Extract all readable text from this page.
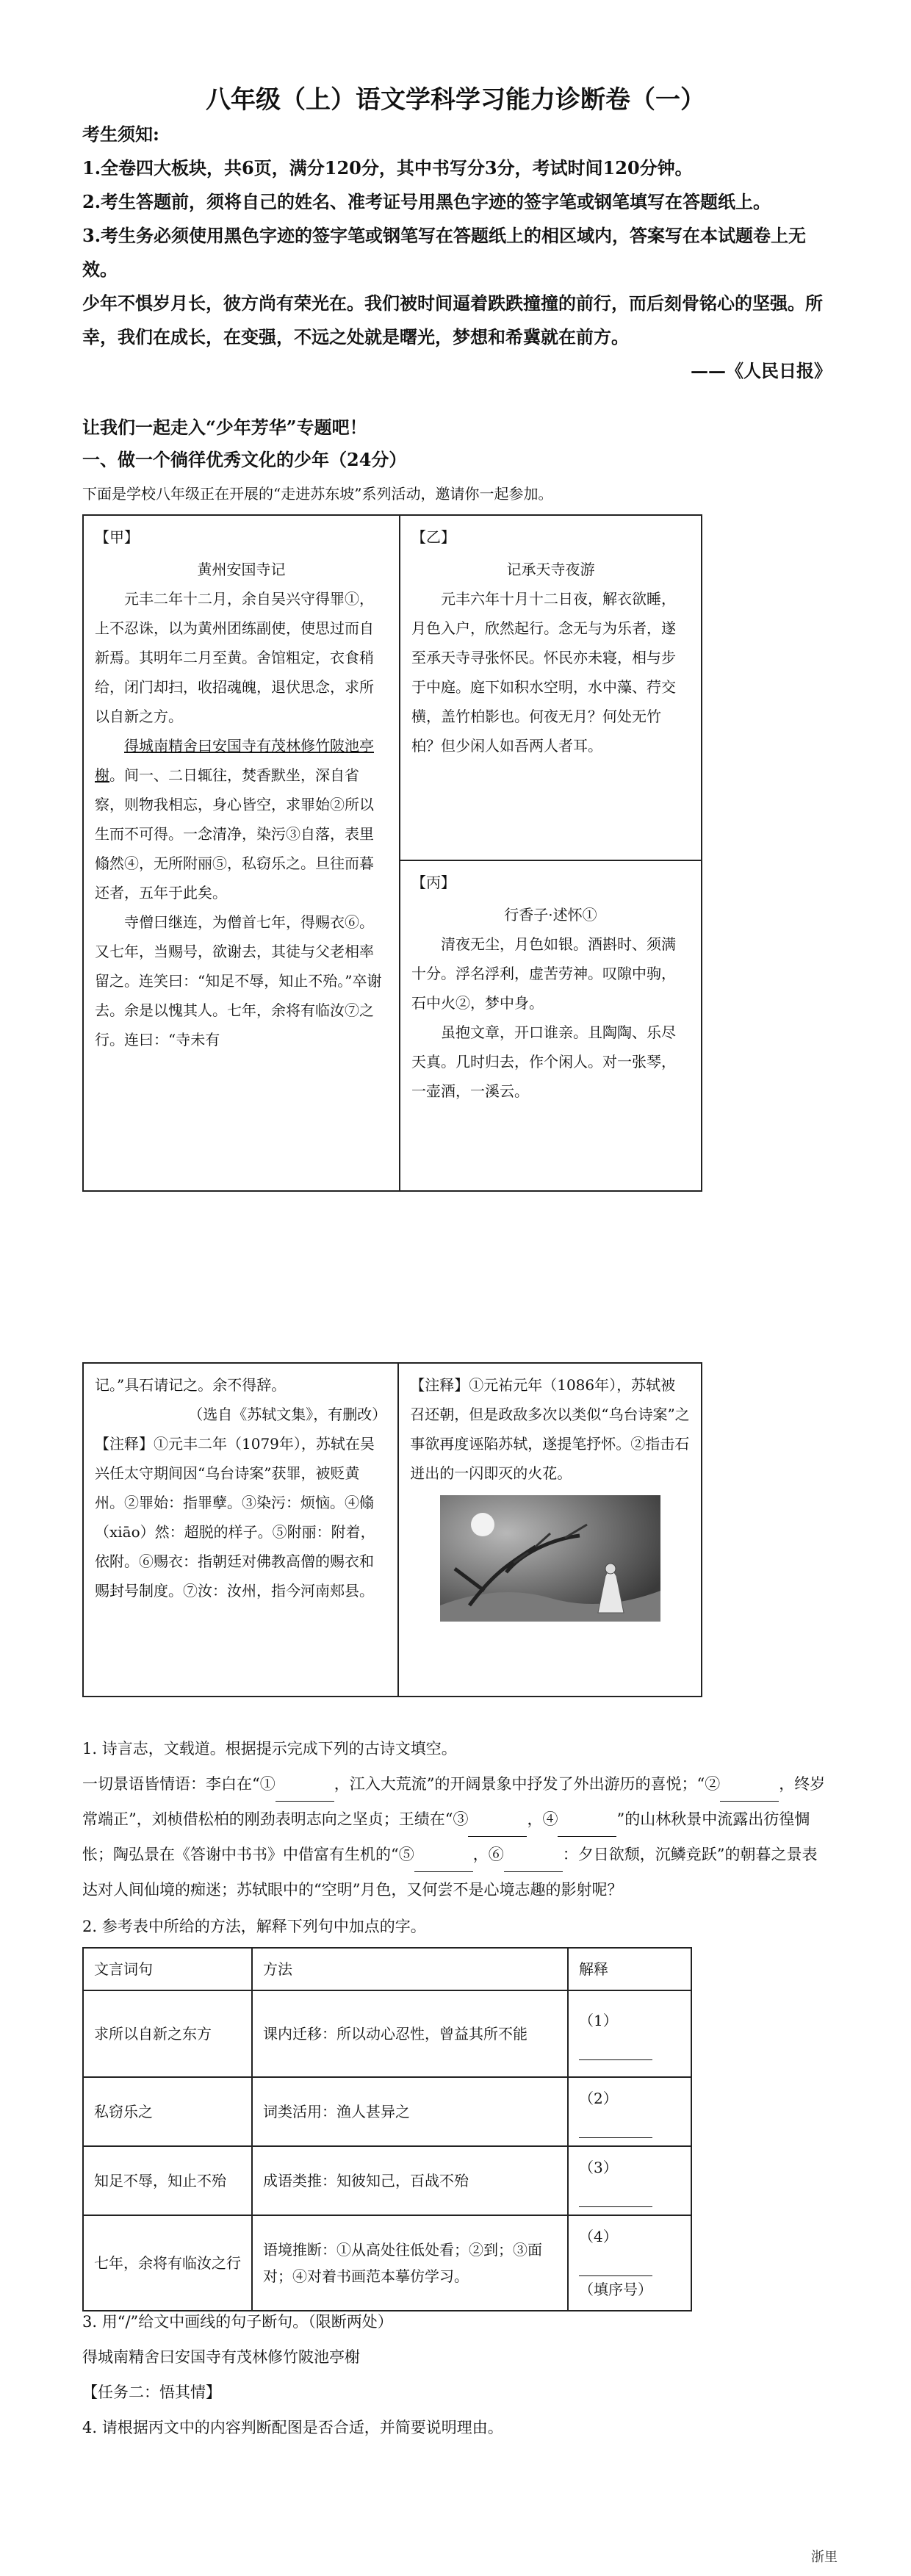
八年级（上）语文学科学习能力诊断卷（一）
考生须知:
1.全卷四大板块，共6页，满分120分，其中书写分3分，考试时间120分钟。
2.考生答题前，须将自己的姓名、准考证号用黑色字迹的签字笔或钢笔填写在答题纸上。
3.考生务必须使用黑色字迹的签字笔或钢笔写在答题纸上的相区域内，答案写在本试题卷上无效。
少年不惧岁月长，彼方尚有荣光在。我们被时间逼着跌跌撞撞的前行，而后刻骨铭心的坚强。所幸，我们在成长，在变强，不远之处就是曙光，梦想和希冀就在前方。
——《人民日报》
让我们一起走入“少年芳华”专题吧！
一、做一个徜徉优秀文化的少年（24分）
下面是学校八年级正在开展的“走进苏东坡”系列活动，邀请你一起参加。
【甲】
黄州安国寺记

元丰二年十二月，余自吴兴守得罪①，上不忍诛，以为黄州团练副使，使思过而自新焉。其明年二月至黄。舍馆粗定，衣食稍给，闭门却扫，收招魂魄，退伏思念，求所以自新之方。

得城南精舍曰安国寺有茂林修竹陂池亭榭。间一、二日辄往，焚香默坐，深自省察，则物我相忘，身心皆空，求罪始②所以生而不可得。一念清净，染污③自落，表里翛然④，无所附丽⑤，私窃乐之。旦往而暮还者，五年于此矣。

寺僧曰继连，为僧首七年，得赐衣⑥。又七年，当赐号，欲谢去，其徒与父老相率留之。连笑曰：“知足不辱，知止不殆。”卒谢去。余是以愧其人。七年，余将有临汝⑦之行。连曰：“寺未有

【乙】
记承天寺夜游

元丰六年十月十二日夜，解衣欲睡，月色入户，欣然起行。念无与为乐者，遂至承天寺寻张怀民。怀民亦未寝，相与步于中庭。庭下如积水空明，水中藻、荇交横，盖竹柏影也。何夜无月？何处无竹柏？但少闲人如吾两人者耳。

【丙】
行香子·述怀①

清夜无尘，月色如银。酒斟时、须满十分。浮名浮利，虚苦劳神。叹隙中驹，石中火②，梦中身。

虽抱文章，开口谁亲。且陶陶、乐尽天真。几时归去，作个闲人。对一张琴，一壶酒，一溪云。

记。”具石请记之。余不得辞。
（选自《苏轼文集》，有删改）
【注释】①元丰二年（1079年），苏轼在吴兴任太守期间因“乌台诗案”获罪，被贬黄州。②罪始：指罪孽。③染污：烦恼。④翛（xiāo）然：超脱的样子。⑤附丽：附着，依附。⑥赐衣：指朝廷对佛教高僧的赐衣和赐封号制度。⑦汝：汝州，指今河南郏县。

【注释】①元祐元年（1086年），苏轼被召还朝，但是政敌多次以类似“乌台诗案”之事欲再度诬陷苏轼，遂提笔抒怀。②指击石迸出的一闪即灭的火花。
1. 诗言志，文载道。根据提示完成下列的古诗文填空。
一切景语皆情语：李白在“①	，江入大荒流”的开阔景象中抒发了外出游历的喜悦；“②	，终岁常端正”，刘桢借松柏的刚劲表明志向之坚贞；王绩在“③	，④	”的山林秋景中流露出彷徨惆怅；陶弘景在《答谢中书书》中借富有生机的“⑤	，⑥	：夕日欲颓，沉鳞竞跃”的朝暮之景表达对人间仙境的痴迷；苏轼眼中的“空明”月色，又何尝不是心境志趣的影射呢？
2. 参考表中所给的方法，解释下列句中加点的字。
文言词句	方法	解释
求所以自新之东方	课内迁移：所以动心忍性，曾益其所不能	（1）
私窃乐之	词类活用：渔人甚异之	（2）
知足不辱，知止不殆	成语类推：知彼知己，百战不殆	（3）
七年，余将有临汝之行	语境推断：①从高处往低处看；②到；③面对；④对着书画范本摹仿学习。	（4）
（填序号）
3. 用“/”给文中画线的句子断句。（限断两处）
得城南精舍曰安国寺有茂林修竹陂池亭榭
【任务二：悟其情】
4. 请根据丙文中的内容判断配图是否合适，并简要说明理由。
浙里
